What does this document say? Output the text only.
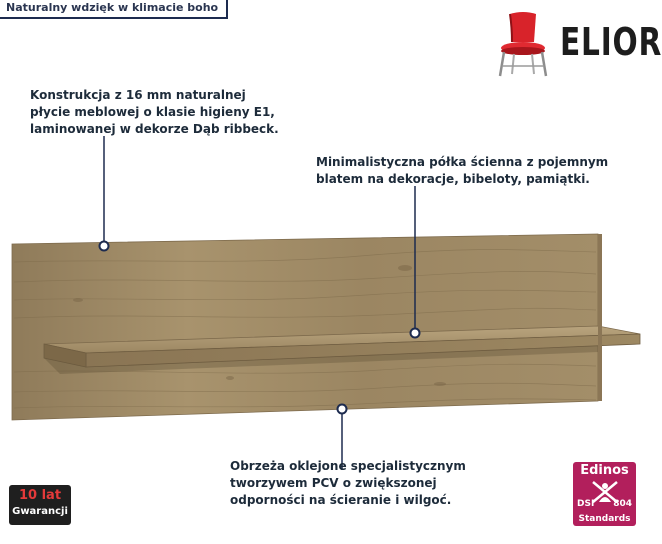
Naturalny wdzięk w klimacie boho
ELIOR
Konstrukcja z 16 mm naturalnej
płycie meblowej o klasie higieny E1,
laminowanej w dekorze Dąb ribbeck.
Minimalistyczna półka ścienna z pojemnym
blatem na dekoracje, bibeloty, pamiątki.
Obrzeża oklejone specjalistycznym
tworzywem PCV o zwiększonej
odporności na ścieranie i wilgoć.
10 lat
Gwarancji
Edinos
DSI 804
Standards
